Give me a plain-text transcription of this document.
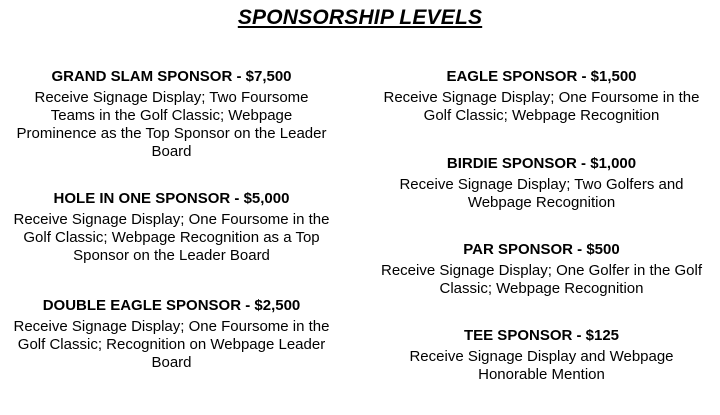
SPONSORSHIP LEVELS
GRAND SLAM SPONSOR - $7,500
Receive Signage Display; Two Foursome Teams in the Golf Classic; Webpage Prominence as the Top Sponsor on the Leader Board
HOLE IN ONE SPONSOR - $5,000
Receive Signage Display; One Foursome in the Golf Classic; Webpage Recognition as a Top Sponsor on the Leader Board
DOUBLE EAGLE SPONSOR - $2,500
Receive Signage Display; One Foursome in the Golf Classic; Recognition on Webpage Leader Board
EAGLE SPONSOR - $1,500
Receive Signage Display; One Foursome in the Golf Classic; Webpage Recognition
BIRDIE SPONSOR - $1,000
Receive Signage Display; Two Golfers and Webpage Recognition
PAR SPONSOR - $500
Receive Signage Display; One Golfer in the Golf Classic; Webpage Recognition
TEE SPONSOR - $125
Receive Signage Display and Webpage Honorable Mention
